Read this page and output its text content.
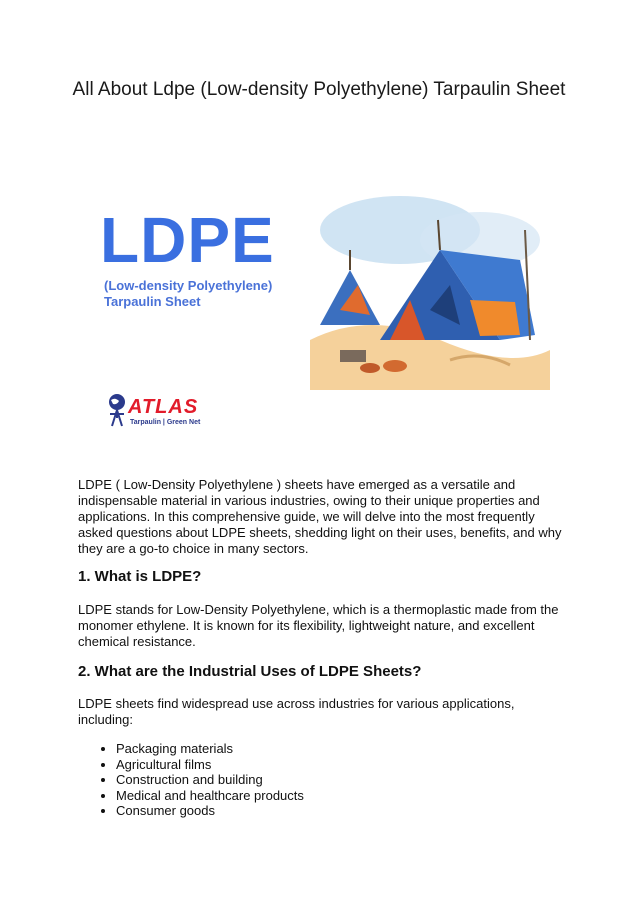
All About Ldpe (Low-density Polyethylene) Tarpaulin Sheet
LDPE
(Low-density Polyethylene)
Tarpaulin Sheet
ATLAS
Tarpaulin | Green Net

LDPE ( Low-Density Polyethylene ) sheets have emerged as a versatile and indispensable material in various industries, owing to their unique properties and applications. In this comprehensive guide, we will delve into the most frequently asked questions about LDPE sheets, shedding light on their uses, benefits, and why they are a go-to choice in many sectors.

1. What is LDPE?

LDPE stands for Low-Density Polyethylene, which is a thermoplastic made from the monomer ethylene. It is known for its flexibility, lightweight nature, and excellent chemical resistance.

2. What are the Industrial Uses of LDPE Sheets?

LDPE sheets find widespread use across industries for various applications, including:

• Packaging materials
• Agricultural films
• Construction and building
• Medical and healthcare products
• Consumer goods
